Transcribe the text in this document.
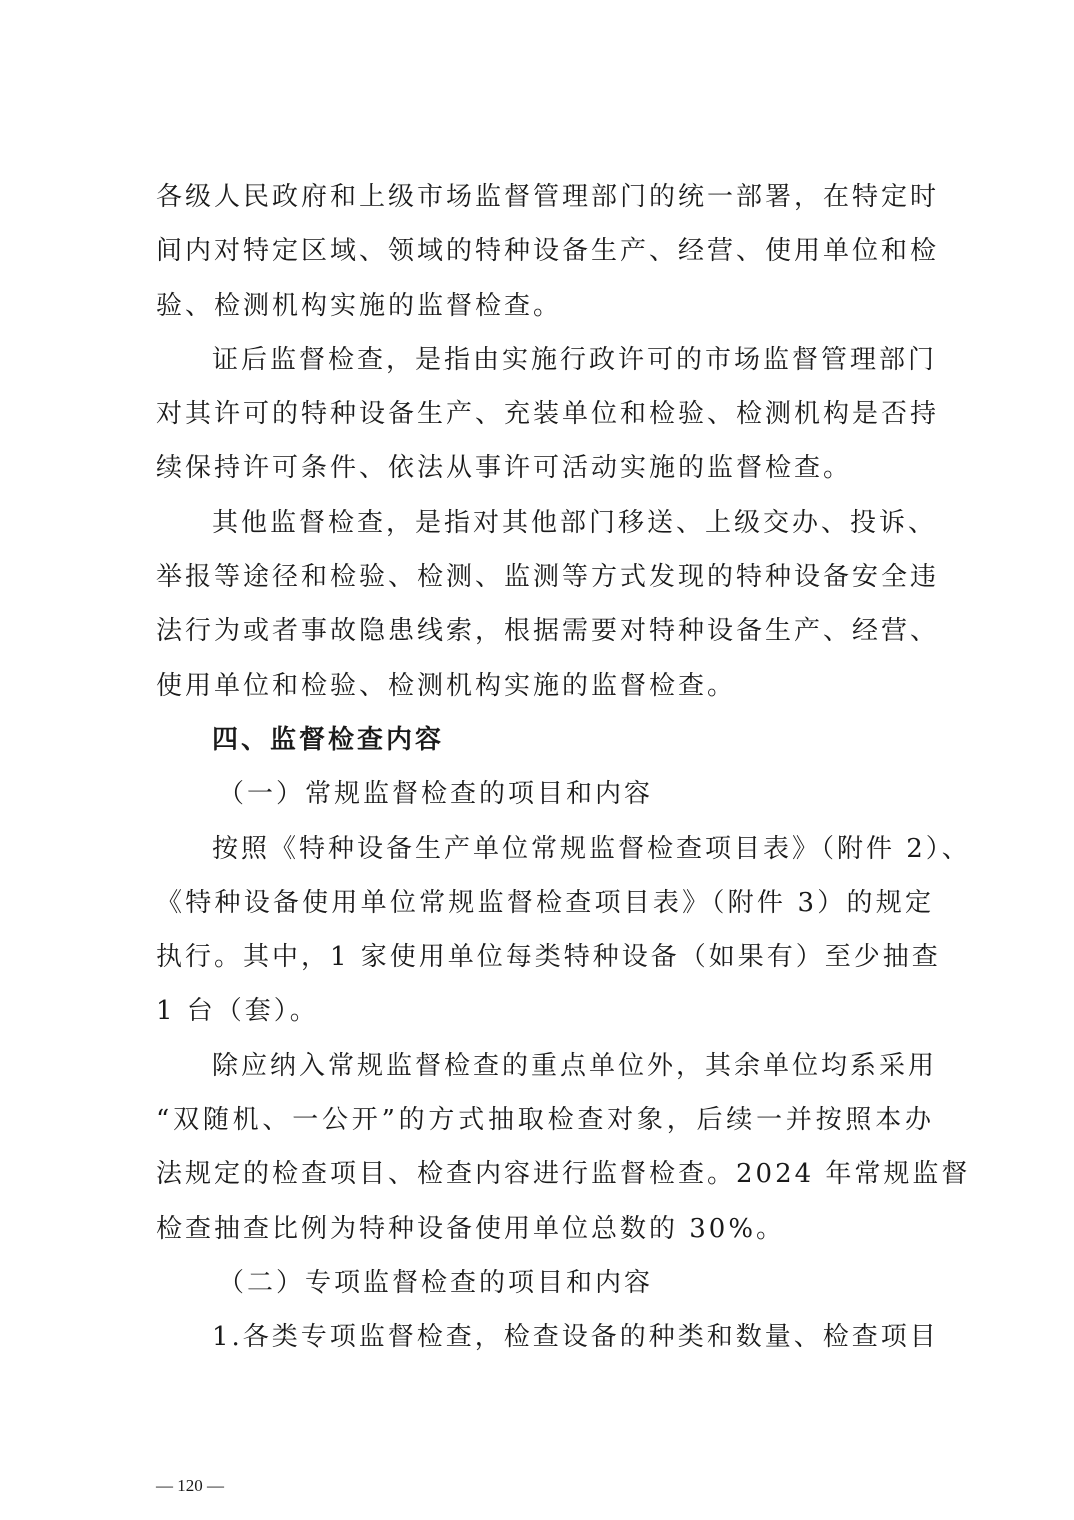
各级人民政府和上级市场监督管理部门的统一部署，在特定时
间内对特定区域、领域的特种设备生产、经营、使用单位和检
验、检测机构实施的监督检查。
证后监督检查，是指由实施行政许可的市场监督管理部门
对其许可的特种设备生产、充装单位和检验、检测机构是否持
续保持许可条件、依法从事许可活动实施的监督检查。
其他监督检查，是指对其他部门移送、上级交办、投诉、
举报等途径和检验、检测、监测等方式发现的特种设备安全违
法行为或者事故隐患线索，根据需要对特种设备生产、经营、
使用单位和检验、检测机构实施的监督检查。
四、监督检查内容
（一）常规监督检查的项目和内容
按照《特种设备生产单位常规监督检查项目表》（附件 2）、
《特种设备使用单位常规监督检查项目表》（附件 3）的规定
执行。其中，1 家使用单位每类特种设备（如果有）至少抽查
1 台（套）。
除应纳入常规监督检查的重点单位外，其余单位均系采用
“双随机、一公开”的方式抽取检查对象，后续一并按照本办
法规定的检查项目、检查内容进行监督检查。2024 年常规监督
检查抽查比例为特种设备使用单位总数的 30%。
（二）专项监督检查的项目和内容
1.各类专项监督检查，检查设备的种类和数量、检查项目
— 120 —
